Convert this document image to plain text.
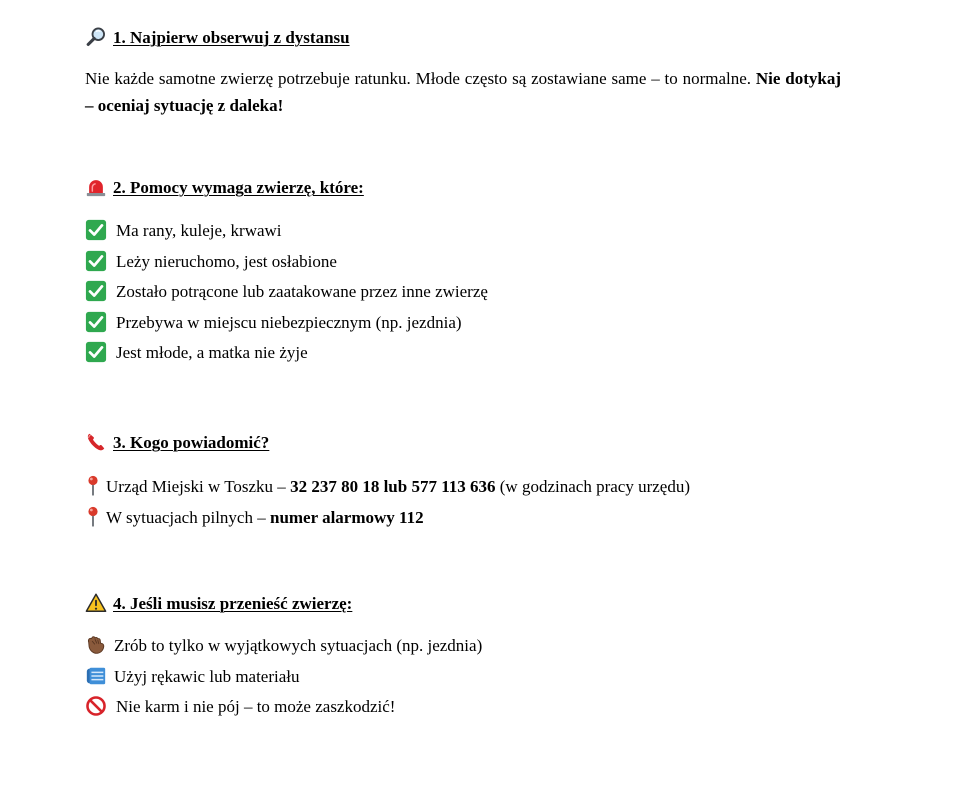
1. Najpierw obserwuj z dystansu
Nie każde samotne zwierzę potrzebuje ratunku. Młode często są zostawiane same – to normalne. Nie dotykaj – oceniaj sytuację z daleka!
2. Pomocy wymaga zwierzę, które:
Ma rany, kuleje, krwawi
Leży nieruchomo, jest osłabione
Zostało potrącone lub zaatakowane przez inne zwierzę
Przebywa w miejscu niebezpiecznym (np. jezdnia)
Jest młode, a matka nie żyje
3. Kogo powiadomić?
Urząd Miejski w Toszku – 32 237 80 18 lub 577 113 636 (w godzinach pracy urzędu)
W sytuacjach pilnych – numer alarmowy 112
4. Jeśli musisz przenieść zwierzę:
Zrób to tylko w wyjątkowych sytuacjach (np. jezdnia)
Użyj rękawic lub materiału
Nie karm i nie pój – to może zaszkodzić!
